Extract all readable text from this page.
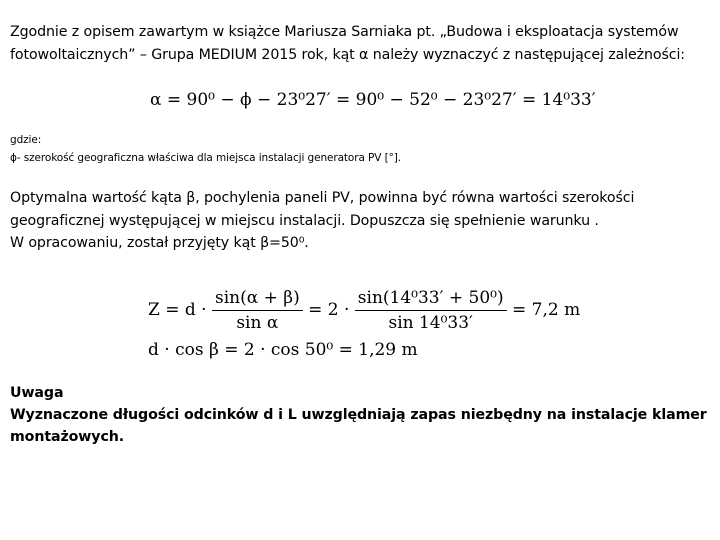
Zgodnie z opisem zawartym w książce Mariusza Sarniaka pt. „Budowa i eksploatacja systemów
fotowoltaicznych” – Grupa MEDIUM 2015 rok, kąt α należy wyznaczyć z następującej zależności:
α = 90⁰ − ϕ − 23⁰27′ = 90⁰ − 52⁰ − 23⁰27′ = 14⁰33′
gdzie:
ϕ- szerokość geograficzna właściwa dla miejsca instalacji generatora PV [°].
Optymalna wartość kąta β, pochylenia paneli PV, powinna być równa wartości szerokości
geograficznej występującej w miejscu instalacji. Dopuszcza się spełnienie warunku .
W opracowaniu, został przyjęty kąt β=50⁰.
$Z = d \cdot \frac{\sin(\alpha + \beta)}{\text{sin α}} = 2 \cdot \frac{\text{sin(14⁰33′ + 50⁰)}}{\text{sin 14⁰33′}} = 7,2$ m
d · cos β = 2 · cos 50⁰ = 1,29 m
Uwaga
Wyznaczone długości odcinków d i L uwzględniają zapas niezbędny na instalacje klamer
montażowych.
